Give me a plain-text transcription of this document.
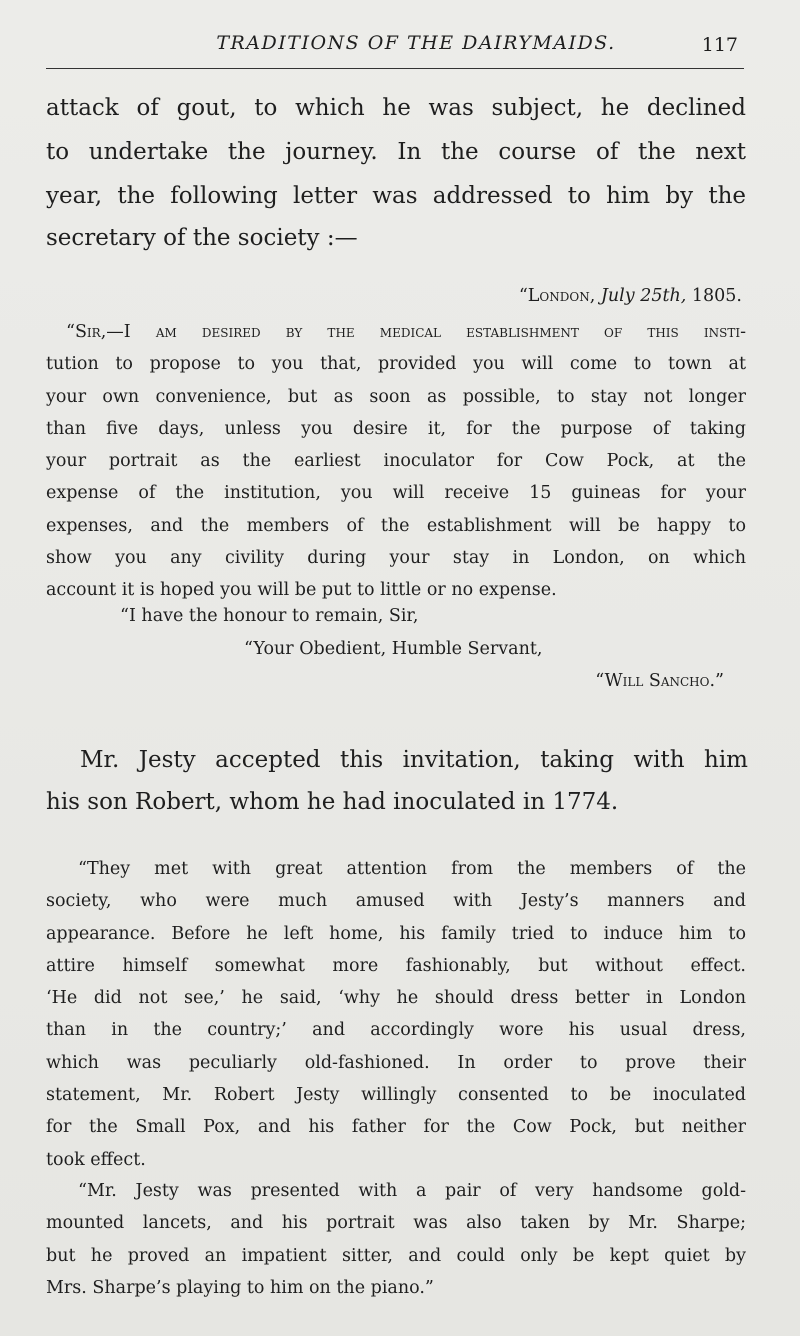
TRADITIONS OF THE DAIRYMAIDS.	117
attack of gout, to which he was subject, he declined
to undertake the journey. In the course of the next
year, the following letter was addressed to him by the
secretary of the society :—
“London, July 25th, 1805.
“Sir,—I am desired by the medical establishment of this insti-
tution to propose to you that, provided you will come to town at
your own convenience, but as soon as possible, to stay not longer
than five days, unless you desire it, for the purpose of taking
your portrait as the earliest inoculator for Cow Pock, at the
expense of the institution, you will receive 15 guineas for your
expenses, and the members of the establishment will be happy to
show you any civility during your stay in London, on which
account it is hoped you will be put to little or no expense.
“I have the honour to remain, Sir,
“Your Obedient, Humble Servant,
“Will Sancho.”
Mr. Jesty accepted this invitation, taking with him
his son Robert, whom he had inoculated in 1774.
“They met with great attention from the members of the
society, who were much amused with Jesty’s manners and
appearance. Before he left home, his family tried to induce him to
attire himself somewhat more fashionably, but without effect.
‘He did not see,’ he said, ‘why he should dress better in London
than in the country;’ and accordingly wore his usual dress,
which was peculiarly old-fashioned. In order to prove their
statement, Mr. Robert Jesty willingly consented to be inoculated
for the Small Pox, and his father for the Cow Pock, but neither
took effect.
“Mr. Jesty was presented with a pair of very handsome gold-
mounted lancets, and his portrait was also taken by Mr. Sharpe;
but he proved an impatient sitter, and could only be kept quiet by
Mrs. Sharpe’s playing to him on the piano.”
